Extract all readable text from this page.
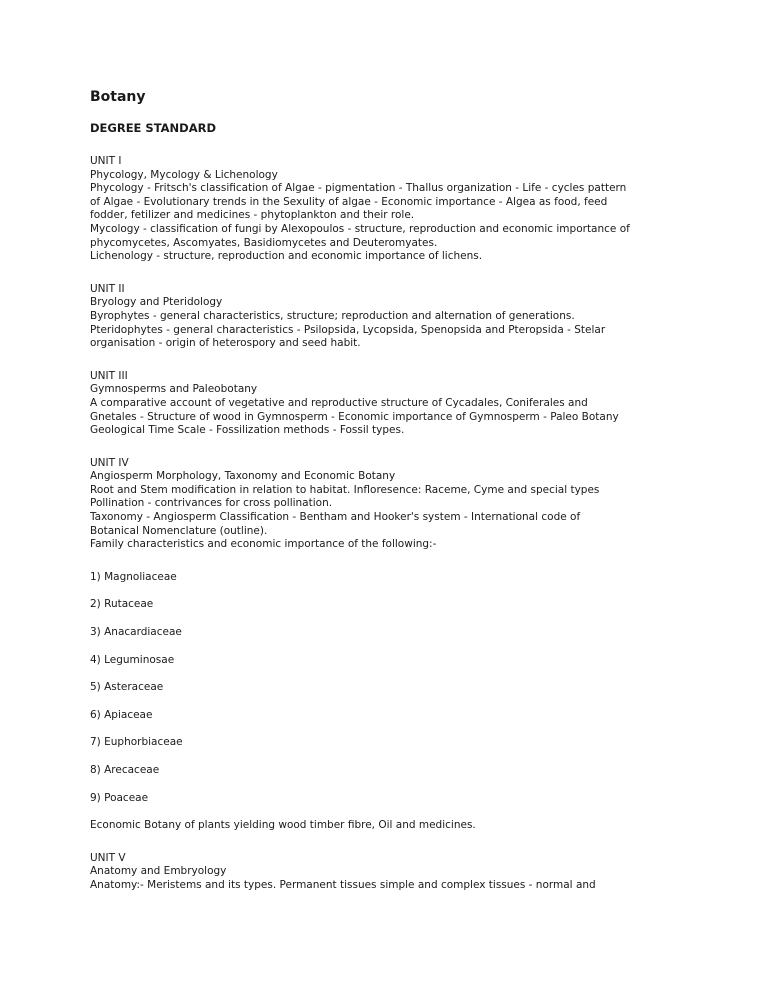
Botany
DEGREE STANDARD
UNIT I
Phycology, Mycology & Lichenology
Phycology - Fritsch's classification of Algae - pigmentation - Thallus organization - Life - cycles pattern
of Algae - Evolutionary trends in the Sexulity of algae - Economic importance - Algea as food, feed
fodder, fetilizer and medicines - phytoplankton and their role.
Mycology - classification of fungi by Alexopoulos - structure, reproduction and economic importance of
phycomycetes, Ascomyates, Basidiomycetes and Deuteromyates.
Lichenology - structure, reproduction and economic importance of lichens.
UNIT II
Bryology and Pteridology
Byrophytes - general characteristics, structure; reproduction and alternation of generations.
Pteridophytes - general characteristics - Psilopsida, Lycopsida, Spenopsida and Pteropsida - Stelar
organisation - origin of heterospory and seed habit.
UNIT III
Gymnosperms and Paleobotany
A comparative account of vegetative and reproductive structure of Cycadales, Coniferales and
Gnetales - Structure of wood in Gymnosperm - Economic importance of Gymnosperm - Paleo Botany
Geological Time Scale - Fossilization methods - Fossil types.
UNIT IV
Angiosperm Morphology, Taxonomy and Economic Botany
Root and Stem modification in relation to habitat. Infloresence: Raceme, Cyme and special types
Pollination - contrivances for cross pollination.
Taxonomy - Angiosperm Classification - Bentham and Hooker's system - International code of
Botanical Nomenclature (outline).
Family characteristics and economic importance of the following:-
1) Magnoliaceae
2) Rutaceae
3) Anacardiaceae
4) Leguminosae
5) Asteraceae
6) Apiaceae
7) Euphorbiaceae
8) Arecaceae
9) Poaceae
Economic Botany of plants yielding wood timber fibre, Oil and medicines.
UNIT V
Anatomy and Embryology
Anatomy:- Meristems and its types. Permanent tissues simple and complex tissues - normal and
